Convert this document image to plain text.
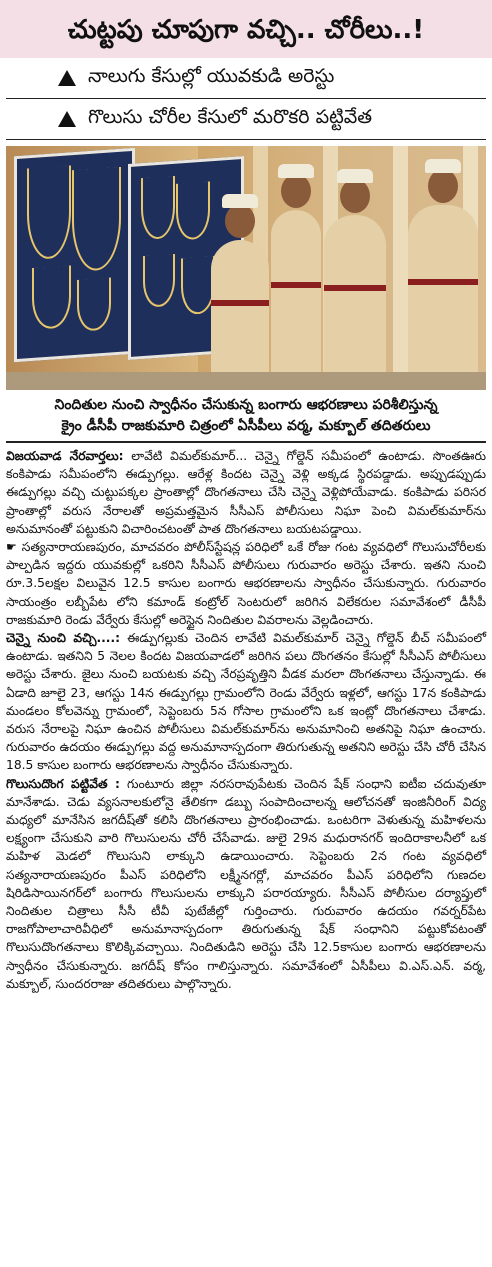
చుట్టపు చూపుగా వచ్చి.. చోరీలు..!
నాలుగు కేసుల్లో యువకుడి అరెస్టు
గొలుసు చోరీల కేసులో మరొకరి పట్టివేత
నిందితుల నుంచి స్వాధీనం చేసుకున్న బంగారు ఆభరణాలు పరిశీలిస్తున్న
క్రైం డీసీపీ రాజకుమారి చిత్రంలో ఏసీపీలు వర్మ, మక్బూల్ తదితరులు

విజయవాడ నేరవార్తలు: లావేటి విమల్‌కుమార్... చెన్నై గోల్డెన్ సమీపంలో ఉంటాడు. సొంతఊరు కంకిపాడు సమీపంలోని ఈడ్పుగల్లు. ఆరేళ్ల కిందట చెన్నై వెళ్లి అక్కడ స్థిరపడ్డాడు. అప్పుడప్పుడు ఈడ్పుగల్లు వచ్చి చుట్టుపక్కల ప్రాంతాల్లో దొంగతనాలు చేసి చెన్నై వెళ్లిపోయేవాడు. కంకిపాడు పరిసర ప్రాంతాల్లో వరుస నేరాలతో అప్రమత్తమైన సీసీఎస్ పోలీసులు నిఘా పెంచి విమల్‌కుమార్‌ను అనుమానంతో పట్టుకుని విచారించటంతో పాత దొంగతనాలు బయటపడ్డాయి.

☛ సత్యనారాయణపురం, మాచవరం పోలీస్‌స్టేషన్ల పరిధిలో ఒకే రోజు గంట వ్యవధిలో గొలుసుచోరీలకు పాల్పడిన ఇద్దరు యువకుల్లో ఒకరిని సీసీఎస్ పోలీసులు గురువారం అరెస్టు చేశారు. ఇతని నుంచి రూ.3.5లక్షల విలువైన 12.5 కాసుల బంగారు ఆభరణాలను స్వాధీనం చేసుకున్నారు. గురువారం సాయంత్రం లబ్బీపేట లోని కమాండ్ కంట్రోల్ సెంటరులో జరిగిన విలేకరుల సమావేశంలో డీసీపీ రాజకుమారి రెండు వేర్వేరు కేసుల్లో అరెస్టైన నిందితుల వివరాలను వెల్లడించారు.

చెన్నై నుంచి వచ్చి....: ఈడ్పుగల్లుకు చెందిన లావేటి విమల్‌కుమార్ చెన్నై గోల్డెన్ బీచ్ సమీపంలో ఉంటాడు. ఇతనిని 5 నెలల కిందట విజయవాడలో జరిగిన పలు దొంగతనం కేసుల్లో సీసీఎస్ పోలీసులు అరెస్టు చేశారు. జైలు నుంచి బయటకు వచ్చి నేరప్రవృత్తిని వీడక మరలా దొంగతనాలు చేస్తున్నాడు. ఈ ఏడాది జూలై 23, ఆగస్టు 14న ఈడ్పుగల్లు గ్రామంలోని రెండు వేర్వేరు ఇళ్లలో, ఆగస్టు 17న కంకిపాడు మండలం కోలవెన్ను గ్రామంలో, సెప్టెంబరు 5న గోసాల గ్రామంలోని ఒక ఇంట్లో దొంగతనాలు చేశాడు. వరుస నేరాలపై నిఘా ఉంచిన పోలీసులు విమల్‌కుమార్‌ను అనుమానించి అతనిపై నిఘా ఉంచారు. గురువారం ఉదయం ఈడ్పుగల్లు వద్ద అనుమానాస్పదంగా తిరుగుతున్న అతనిని అరెస్టు చేసి చోరీ చేసిన 18.5 కాసుల బంగారు ఆభరణాలను స్వాధీనం చేసుకున్నారు.

గొలుసుదొంగ పట్టివేత : గుంటూరు జిల్లా నరసరావుపేటకు చెందిన షేక్ సంధాని ఐటీఐ చదువుతూ మానేశాడు. చెడు వ్యసనాలకులోనై తేలికగా డబ్బు సంపాదించాలన్న ఆలోచనతో ఇంజినీరింగ్ విద్య మధ్యలో మానేసిన జగదీష్‌తో కలిసి దొంగతనాలు ప్రారంభించాడు. ఒంటరిగా వెళుతున్న మహిళలను లక్ష్యంగా చేసుకుని వారి గొలుసులను చోరీ చేసేవాడు. జులై 29న మధురానగర్ ఇందిరాకాలనీలో ఒక మహిళ మెడలో గొలుసుని లాక్కుని ఉడాయించారు. సెప్టెంబరు 2న గంట వ్యవధిలో సత్యనారాయణపురం పీఎస్ పరిధిలోని లక్ష్మీనగర్లో, మాచవరం పీఎస్ పరిధిలోని గుణదల షిరిడిసాయినగర్‌లో బంగారు గొలుసులను లాక్కుని పరారయ్యారు. సీసీఎస్ పోలీసుల దర్యాప్తులో నిందితుల చిత్రాలు సీసీ టీవీ పుటేజీల్లో గుర్తించారు. గురువారం ఉదయం గవర్నర్‌పేట రాజగోపాలాచారివీధిలో అనుమానాస్పదంగా తిరుగుతున్న షేక్ సంధానిని పట్టుకోవటంతో గొలుసుదొంగతనాలు కొలిక్కివచ్చాయి. నిందితుడిని అరెస్టు చేసి 12.5కాసుల బంగారు ఆభరణాలను స్వాధీనం చేసుకున్నారు. జగదీష్ కోసం గాలిస్తున్నారు. సమావేశంలో ఏసీపీలు వి.ఎస్.ఎన్. వర్మ, మక్బూల్, సుందరరాజు తదితరులు పాల్గొన్నారు.
